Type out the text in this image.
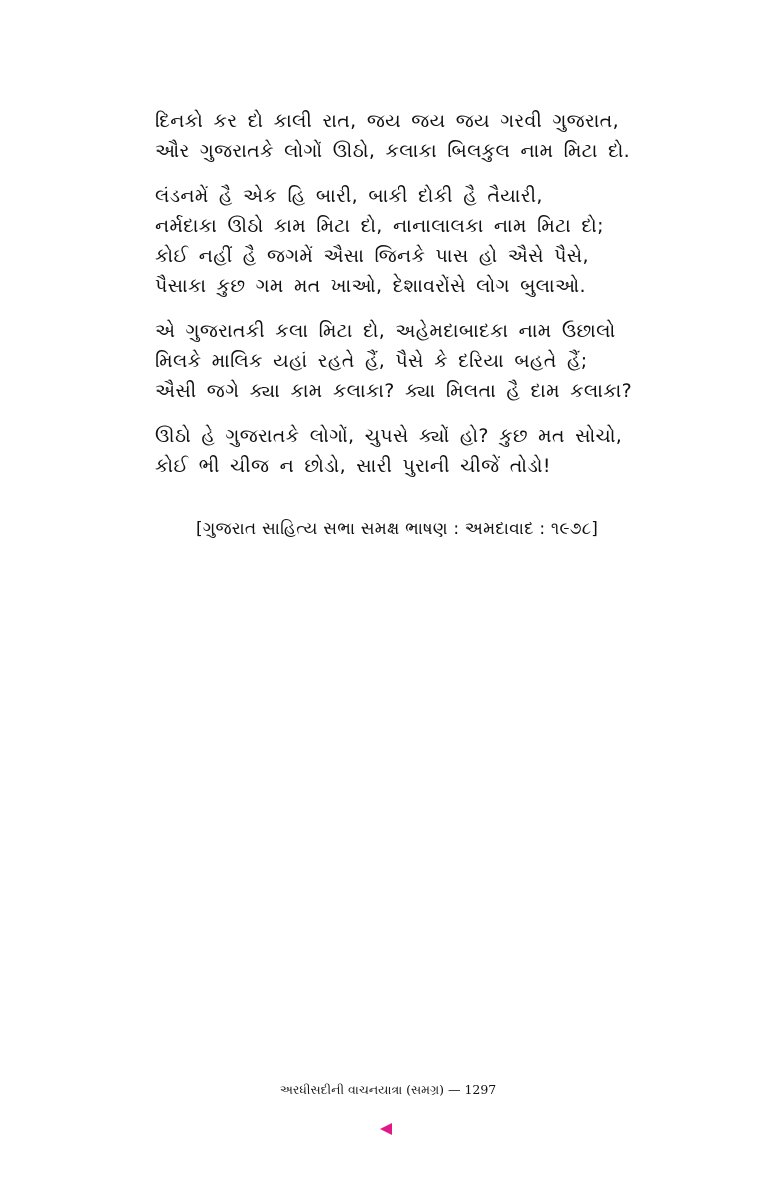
દિનકો કર દો કાલી રાત, જય જય જય ગરવી ગુજરાત,
ઔર ગુજરાતકે લોગોં ઊઠો, કલાકા બિલકુલ નામ મિટા દો.
લંડનમેં હૈ એક હિ બારી, બાકી દોકી હૈ તૈયારી,
નર્મદાકા ઊઠો કામ મિટા દો, નાનાલાલકા નામ મિટા દો;
કોઈ નહીં હૈ જગમેં ઐસા જિનકે પાસ હો ઐસે પૈસે,
પૈસાકા કુછ ગમ મત ખાઓ, દેશાવરોંસે લોગ બુલાઓ.
એ ગુજરાતકી કલા મિટા દો, અહેમદાબાદકા નામ ઉછાલો
મિલકે માલિક યહાં રહતે હૈં, પૈસે કે દરિયા બહતે હૈં;
ઐસી જગે ક્યા કામ કલાકા? ક્યા મિલતા હૈ દામ કલાકા?
ઊઠો હે ગુજરાતકે લોગોં, ચુપસે ક્યોં હો? કુછ મત સોચો,
કોઈ ભી ચીજ ન છોડો, સારી પુરાની ચીજેં તોડો!
[ગુજરાત સાહિત્ય સભા સમક્ષ ભાષણ : અમદાવાદ : ૧૯૭૮]
અરધીસદીની વાચનયાત્રા (સમગ્ર) — 1297
